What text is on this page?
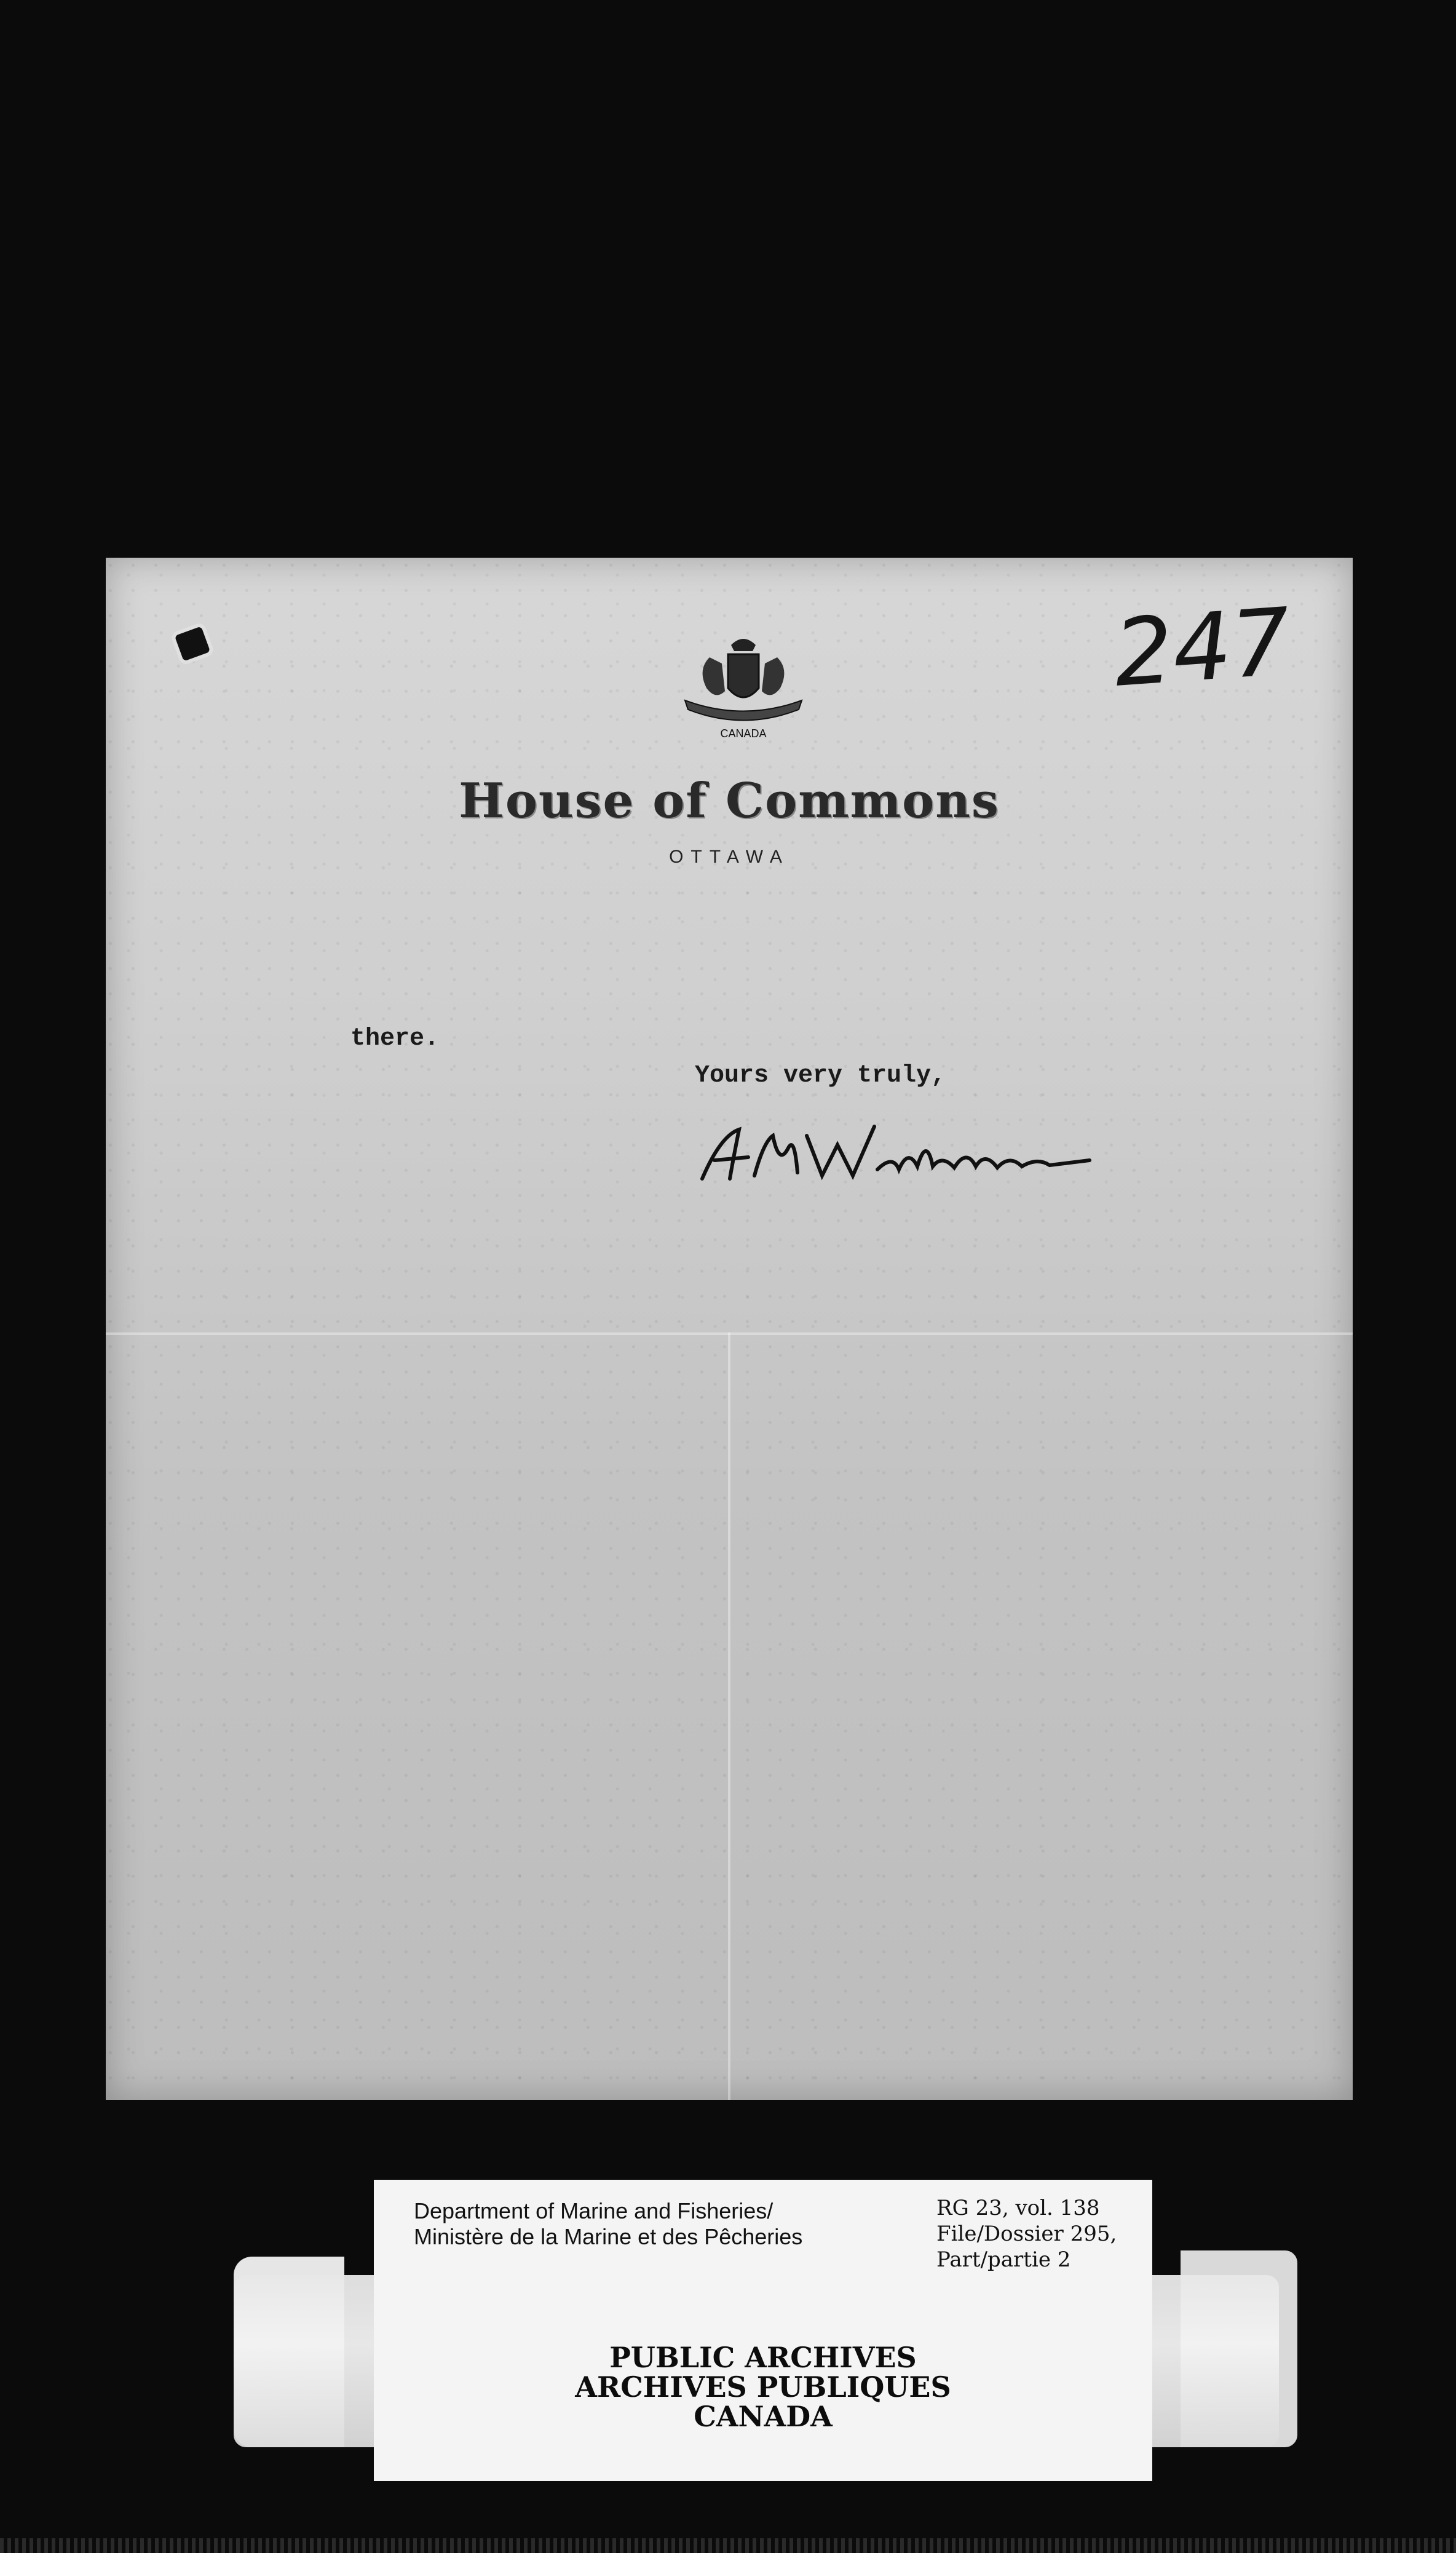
CANADA
House of Commons
OTTAWA
247
there.
Yours very truly,
Department of Marine and Fisheries/
Ministère de la Marine et des Pêcheries
RG 23, vol. 138
File/Dossier 295,
Part/partie 2
PUBLIC ARCHIVES
ARCHIVES PUBLIQUES
CANADA
